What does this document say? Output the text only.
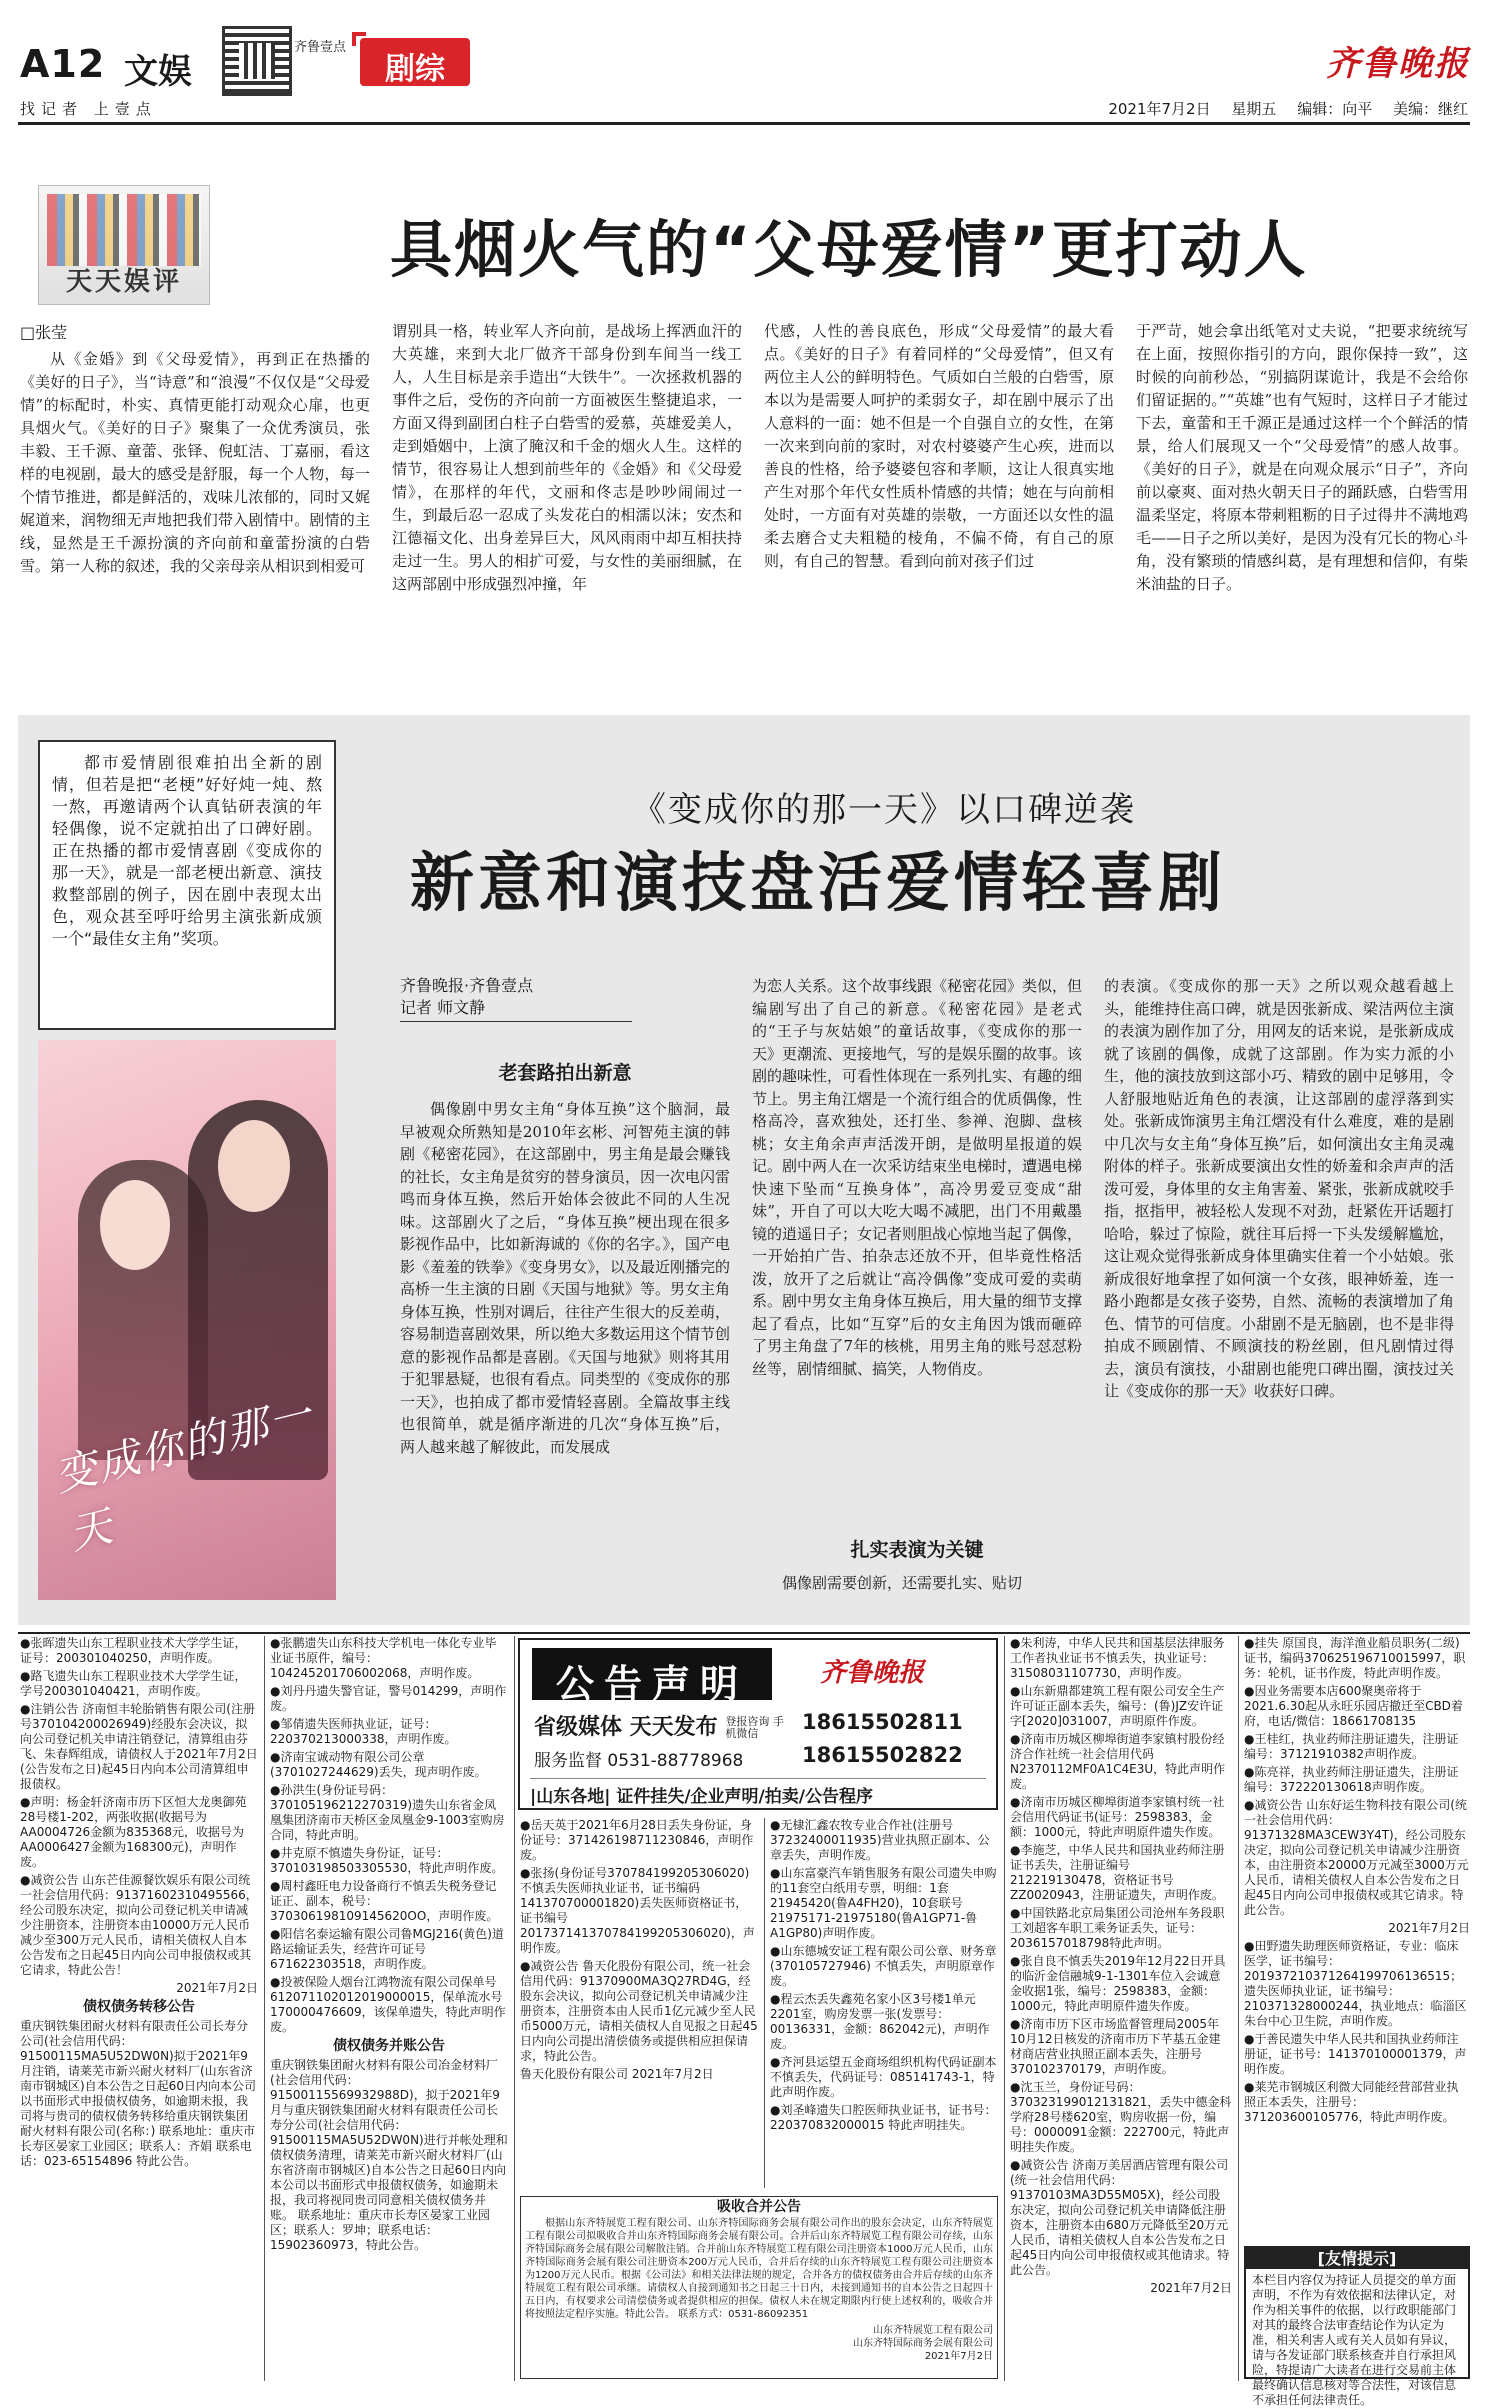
A12 文娱
齐鲁壹点
剧综	齐鲁晚报
找记者 上壹点	2021年7月2日 星期五 编辑：向平 美编：继红
天天娱评	具烟火气的“父母爱情”更打动人
□张莹
从《金婚》到《父母爱情》，再到正在热播的《美好的日子》，当“诗意”和“浪漫”不仅仅是“父母爱情”的标配时，朴实、真情更能打动观众心扉，也更具烟火气。《美好的日子》聚集了一众优秀演员，张丰毅、王千源、童蕾、张铎、倪虹洁、丁嘉丽，看这样的电视剧，最大的感受是舒服，每一个人物，每一个情节推进，都是鲜活的，戏味儿浓郁的，同时又娓娓道来，润物细无声地把我们带入剧情中。剧情的主线，显然是王千源扮演的齐向前和童蕾扮演的白砦雪。第一人称的叙述，我的父亲母亲从相识到相爱可
谓别具一格，转业军人齐向前，是战场上挥洒血汗的大英雄，来到大北厂做齐干部身份到车间当一线工人，人生目标是亲手造出“大铁牛”。一次拯救机器的事件之后，受伤的齐向前一方面被医生整捷追求，一方面又得到副团白柱子白砦雪的爱慕，英雄爱美人，走到婚姻中，上演了腌汉和千金的烟火人生。这样的情节，很容易让人想到前些年的《金婚》和《父母爱情》，在那样的年代，文丽和佟志是吵吵闹闹过一生，到最后忍一忍成了头发花白的相濡以沫；安杰和江德福文化、出身差异巨大，风风雨雨中却互相扶持走过一生。男人的相扩可爱，与女性的美丽细腻，在这两部剧中形成强烈冲撞，年
代感，人性的善良底色，形成“父母爱情”的最大看点。《美好的日子》有着同样的“父母爱情”，但又有两位主人公的鲜明特色。气质如白兰般的白砦雪，原本以为是需要人呵护的柔弱女子，却在剧中展示了出人意料的一面：她不但是一个自强自立的女性，在第一次来到向前的家时，对农村婆婆产生心疾，进而以善良的性格，给予婆婆包容和孝顺，这让人很真实地产生对那个年代女性质朴情感的共情；她在与向前相处时，一方面有对英雄的崇敬，一方面还以女性的温柔去磨合丈夫粗糙的棱角，不偏不倚，有自己的原则，有自己的智慧。看到向前对孩子们过
于严苛，她会拿出纸笔对丈夫说，“把要求统统写在上面，按照你指引的方向，跟你保持一致”，这时候的向前秒怂，“别搞阴谋诡计，我是不会给你们留证据的。”“英雄”也有气短时，这样日子才能过下去，童蕾和王千源正是通过这样一个个鲜活的情景，给人们展现又一个“父母爱情”的感人故事。《美好的日子》，就是在向观众展示“日子”，齐向前以豪爽、面对热火朝天日子的踊跃感，白砦雪用温柔坚定，将原本带刺粗粝的日子过得井不满地鸡毛——日子之所以美好，是因为没有冗长的物心斗角，没有繁琐的情感纠葛，是有理想和信仰，有柴米油盐的日子。
都市爱情剧很难拍出全新的剧情，但若是把“老梗”好好炖一炖、熬一熬，再邀请两个认真钻研表演的年轻偶像，说不定就拍出了口碑好剧。正在热播的都市爱情喜剧《变成你的那一天》，就是一部老梗出新意、演技救整部剧的例子，因在剧中表现太出色，观众甚至呼吁给男主演张新成颁一个“最佳女主角”奖项。
变成你的那一天
《变成你的那一天》以口碑逆袭
新意和演技盘活爱情轻喜剧
齐鲁晚报·齐鲁壹点
记者 师文静
老套路拍出新意
偶像剧中男女主角“身体互换”这个脑洞，最早被观众所熟知是2010年玄彬、河智苑主演的韩剧《秘密花园》，在这部剧中，男主角是最会赚钱的社长，女主角是贫穷的替身演员，因一次电闪雷鸣而身体互换，然后开始体会彼此不同的人生况味。这部剧火了之后，“身体互换”梗出现在很多影视作品中，比如新海诚的《你的名字。》，国产电影《羞羞的铁拳》《变身男女》，以及最近刚播完的高桥一生主演的日剧《天国与地狱》等。男女主角身体互换，性别对调后，往往产生很大的反差萌，容易制造喜剧效果，所以绝大多数运用这个情节创意的影视作品都是喜剧。《天国与地狱》则将其用于犯罪悬疑，也很有看点。同类型的《变成你的那一天》，也拍成了都市爱情轻喜剧。全篇故事主线也很简单，就是循序渐进的几次“身体互换”后，两人越来越了解彼此，而发展成
为恋人关系。这个故事线跟《秘密花园》类似，但编剧写出了自己的新意。《秘密花园》是老式的“王子与灰姑娘”的童话故事，《变成你的那一天》更潮流、更接地气，写的是娱乐圈的故事。该剧的趣味性，可看性体现在一系列扎实、有趣的细节上。男主角江熠是一个流行组合的优质偶像，性格高冷，喜欢独处，还打坐、参禅、泡脚、盘核桃；女主角余声声活泼开朗，是做明星报道的娱记。剧中两人在一次采访结束坐电梯时，遭遇电梯快速下坠而“互换身体”，高冷男爱豆变成“甜妹”，开自了可以大吃大喝不减肥，出门不用戴墨镜的逍遥日子；女记者则胆战心惊地当起了偶像，一开始拍广告、拍杂志还放不开，但毕竟性格活泼，放开了之后就让“高冷偶像”变成可爱的卖萌系。剧中男女主角身体互换后，用大量的细节支撑起了看点，比如“互穿”后的女主角因为饿而砸碎了男主角盘了7年的核桃，用男主角的账号怼怼粉丝等，剧情细腻、搞笑，人物俏皮。
扎实表演为关键
偶像剧需要创新，还需要扎实、贴切
的表演。《变成你的那一天》之所以观众越看越上头，能维持住高口碑，就是因张新成、梁洁两位主演的表演为剧作加了分，用网友的话来说，是张新成成就了该剧的偶像，成就了这部剧。作为实力派的小生，他的演技放到这部小巧、精致的剧中足够用，令人舒服地贴近角色的表演，让这部剧的虚浮落到实处。张新成饰演男主角江熠没有什么难度，难的是剧中几次与女主角“身体互换”后，如何演出女主角灵魂附体的样子。张新成要演出女性的娇羞和余声声的活泼可爱，身体里的女主角害羞、紧张，张新成就咬手指，抠指甲，被轻松人发现不对劲，赶紧佐开话题打哈哈，躲过了惊险，就往耳后捋一下头发缓解尴尬，这让观众觉得张新成身体里确实住着一个小姑娘。张新成很好地拿捏了如何演一个女孩，眼神娇羞，连一路小跑都是女孩子姿势，自然、流畅的表演增加了角色、情节的可信度。小甜剧不是无脑剧，也不是非得拍成不顾剧情、不顾演技的粉丝剧，但凡剧情过得去，演员有演技，小甜剧也能兜口碑出圈，演技过关让《变成你的那一天》收获好口碑。

●张晖遗失山东工程职业技术大学学生证，证号：200301040250，声明作废。

●路飞遗失山东工程职业技术大学学生证，学号200301040421，声明作废。

●注销公告 济南恒丰轮胎销售有限公司(注册号370104200026949)经股东会决议，拟向公司登记机关申请注销登记，清算组由芬飞、朱春辉组成，请债权人于2021年7月2日(公告发布之日)起45日内向本公司清算组申报债权。

●声明：杨金轩济南市历下区恒大龙奥御苑28号楼1-202，两张收据(收据号为AA0004726金额为835368元，收据号为AA0006427金额为168300元)，声明作废。

●减资公告 山东芒佳源餐饮娱乐有限公司统一社会信用代码：91371602310495566，经公司股东决定，拟向公司登记机关申请减少注册资本，注册资本由10000万元人民币减少至300万元人民币，请相关债权人自本公告发布之日起45日内向公司申报债权或其它请求，特此公告！

2021年7月2日

债权债务转移公告
重庆钢铁集团耐火材料有限责任公司长寿分公司(社会信用代码：91500115MA5U52DW0N)拟于2021年9月注销，请莱芜市新兴耐火材料厂(山东省济南市钢城区)自本公告之日起60日内向本公司以书面形式申报债权债务，如逾期未报，我司将与贵司的债权债务转移给重庆钢铁集团耐火材料有限公司(名称：) 联系地址：重庆市长寿区晏家工业园区；联系人：齐娟 联系电话：023-65154896 特此公告。

●张鹏遗失山东科技大学机电一体化专业毕业证书原件，编号：104245201706002068，声明作废。

●刘丹丹遗失警官证，警号014299，声明作废。

●邹倩遗失医师执业证，证号：220370213000338，声明作废。

●济南宝诚动物有限公司公章(3701027244629)丢失，现声明作废。

●孙洪生(身份证号码：370105196212270319)遗失山东省金凤凰集团济南市天桥区金凤凰金9-1003室购房合同，特此声明。

●井克原不慎遗失身份证，证号：370103198503305530，特此声明作废。

●周村鑫旺电力设备商行不慎丢失税务登记证正、副本，税号：370306198109145620OO，声明作废。

●阳信名泰运输有限公司鲁MGJ216(黄色)道路运输证丢失，经营许可证号671622303518，声明作废。

●投被保险人烟台江鸿物流有限公司保单号612071102012019000015，保单流水号170000476609，该保单遗失，特此声明作废。

债权债务并账公告
重庆钢铁集团耐火材料有限公司冶金材料厂(社会信用代码：91500115569932988D)，拟于2021年9月与重庆钢铁集团耐火材料有限责任公司长寿分公司(社会信用代码：91500115MA5U52DW0N)进行并帐处理和债权债务清理，请莱芜市新兴耐火材料厂(山东省济南市钢城区)自本公告之日起60日内向本公司以书面形式申报债权债务，如逾期未报，我司将视同贵司同意相关债权债务并账。 联系地址：重庆市长寿区晏家工业园区；联系人：罗坤；联系电话：15902360973，特此公告。
公告声明	齐鲁晚报
省级媒体 天天发布 登报咨询 手机微信
服务监督 0531-88778968
18615502811
18615502822
|山东各地| 证件挂失/企业声明/拍卖/公告程序

●岳天英于2021年6月28日丢失身份证，身份证号：371426198711230846，声明作废。

●张扬(身份证号370784199205306020)不慎丢失医师执业证书，证书编码141370700001820)丢失医师资格证书，证书编号201737141370784199205306020)，声明作废。

●减资公告 鲁天化股份有限公司，统一社会信用代码：91370900MA3Q27RD4G，经股东会决议，拟向公司登记机关申请减少注册资本，注册资本由人民币1亿元减少至人民币5000万元，请相关债权人自见报之日起45日内向公司提出清偿债务或提供相应担保请求，特此公告。

鲁天化股份有限公司 2021年7月2日

●无棣汇鑫农牧专业合作社(注册号37232400011935)营业执照正副本、公章丢失，声明作废。

●山东富豪汽车销售服务有限公司遗失申购的11套空白纸用专票，明细：1套21945420(鲁A4FH20)，10套联号21975171-21975180(鲁A1GP71-鲁A1GP80)声明作废。

●山东德城安证工程有限公司公章、财务章(370105727946) 不慎丢失，声明原章作废。

●程云杰丢失鑫苑名家小区3号楼1单元2201室，购房发票一张(发票号：00136331，金额：862042元)，声明作废。

●齐河县运望五金商场组织机构代码证副本不慎丢失，代码证号：085141743-1，特此声明作废。

●刘圣峰遗失口腔医师执业证书，证书号：220370832000015 特此声明挂失。

吸收合并公告
根据山东齐特展览工程有限公司、山东齐特国际商务会展有限公司作出的股东会决定，山东齐特展览工程有限公司拟吸收合并山东齐特国际商务会展有限公司。合并后山东齐特展览工程有限公司存续，山东齐特国际商务会展有限公司解散注销。合并前山东齐特展览工程有限公司注册资本1000万元人民币，山东齐特国际商务会展有限公司注册资本200万元人民币，合并后存续的山东齐特展览工程有限公司注册资本为1200万元人民币。根据《公司法》和相关法律法规的规定，合并各方的债权债务由合并后存续的山东齐特展览工程有限公司承继。请债权人自接到通知书之日起三十日内，未接到通知书的自本公告之日起四十五日内，有权要求公司清偿债务或者提供相应的担保。债权人未在规定期限内行使上述权利的，吸收合并将按照法定程序实施。特此公告。 联系方式：0531-86092351
山东齐特展览工程有限公司
山东齐特国际商务会展有限公司
2021年7月2日

●朱利涛，中华人民共和国基层法律服务工作者执业证书不慎丢失，执业证号：31508031107730，声明作废。

●山东新鼎都建筑工程有限公司安全生产许可证正副本丢失，编号：(鲁)JZ安许证字[2020]031007，声明原件作废。

●济南市历城区柳埠街道李家镇村股份经济合作社统一社会信用代码N2370112MF0A1C4E3U，特此声明作废。

●济南市历城区柳埠街道李家镇村统一社会信用代码证书(证号：2598383，金额：1000元，特此声明原件遗失作废。

●李施芝，中华人民共和国执业药师注册证书丢失，注册证编号212219130478，资格证书号ZZ0020943，注册证遗失，声明作废。

●中国铁路北京局集团公司沧州车务段职工刘超客车职工乘务证丢失，证号：2036157018798特此声明。

●张自良不慎丢失2019年12月22日开具的临沂金信融城9-1-1301车位入会诚意金收据1张，编号：2598383，金额：1000元，特此声明原件遗失作废。

●济南市历下区市场监督管理局2005年10月12日核发的济南市历下芊基五金建材商店营业执照正副本丢失，注册号370102370179，声明作废。

●沈玉兰，身份证号码：370323199012131821，丢失中德金科学府28号楼620室，购房收据一份，编号：0000091金额：222700元，特此声明挂失作废。

●减资公告 济南万美居酒店管理有限公司(统一社会信用代码：91370103MA3D55M05X)，经公司股东决定，拟向公司登记机关申请降低注册资本，注册资本由680万元降低至20万元人民币，请相关债权人自本公告发布之日起45日内向公司申报债权或其他请求。特此公告。

2021年7月2日

●挂失 原国良，海洋渔业船员职务(二级)证书，编码370625196710015997，职务：轮机，证书作废，特此声明作废。

●因业务需要本店600聚奥帝将于2021.6.30起从永旺乐园店撤迁至CBD着府，电话/微信：18661708135

●王桂红，执业药师注册证遗失，注册证编号：37121910382声明作废。

●陈亮祥，执业药师注册证遗失，注册证编号：372220130618声明作废。

●减资公告 山东好运生物科技有限公司(统一社会信用代码：91371328MA3CEW3Y4T)，经公司股东决定，拟向公司登记机关申请减少注册资本，由注册资本20000万元减至3000万元人民币，请相关债权人自本公告发布之日起45日内向公司申报债权或其它请求。特此公告。

2021年7月2日

●田野遗失助理医师资格证，专业：临床医学，证书编号：201937210371264199706136515；遗失医师执业证，证书编号：210371328000244，执业地点：临淄区朱台中心卫生院，声明作废。

●于善民遗失中华人民共和国执业药师注册证，证书号：141370100001379，声明作废。

●莱芜市钢城区利微大同能经营部营业执照正本丢失，注册号：371203600105776，特此声明作废。

[友情提示]
本栏目内容仅为持证人员提交的单方面声明，不作为有效依据和法律认定，对作为相关事件的依据，以行政职能部门对其的最终合法审查结论作为认定为准，相关利害人或有关人员如有异议，请与各发证部门联系核查并自行承担风险，特提请广大读者在进行交易前主体最终确认信息核对等合法性，对该信息不承担任何法律责任。
